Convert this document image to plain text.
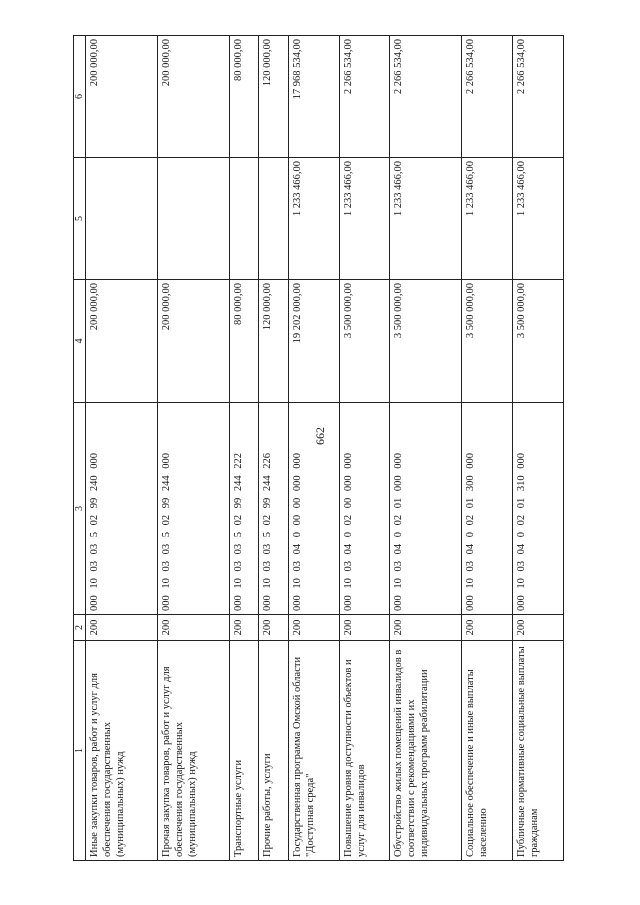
662
1	2	3	4	5	6
Иные закупки товаров, работ и услуг для обеспечения государственных (муниципальных) нужд	200	000 10 03 03 5 02 99 240 000	200 000,00		200 000,00
Прочая закупка товаров, работ и услуг для обеспечения государственных (муниципальных) нужд	200	000 10 03 03 5 02 99 244 000	200 000,00		200 000,00
Транспортные услуги	200	000 10 03 03 5 02 99 244 222	80 000,00		80 000,00
Прочие работы, услуги	200	000 10 03 03 5 02 99 244 226	120 000,00		120 000,00
Государственная программа Омской области "Доступная среда"	200	000 10 03 04 0 00 00 000 000	19 202 000,00	1 233 466,00	17 968 534,00
Повышение уровня доступности объектов и услуг для инвалидов	200	000 10 03 04 0 02 00 000 000	3 500 000,00	1 233 466,00	2 266 534,00
Обустройство жилых помещений инвалидов в соответствии с рекомендациями их индивидуальных программ реабилитации	200	000 10 03 04 0 02 01 000 000	3 500 000,00	1 233 466,00	2 266 534,00
Социальное обеспечение и иные выплаты населению	200	000 10 03 04 0 02 01 300 000	3 500 000,00	1 233 466,00	2 266 534,00
Публичные нормативные социальные выплаты гражданам	200	000 10 03 04 0 02 01 310 000	3 500 000,00	1 233 466,00	2 266 534,00
